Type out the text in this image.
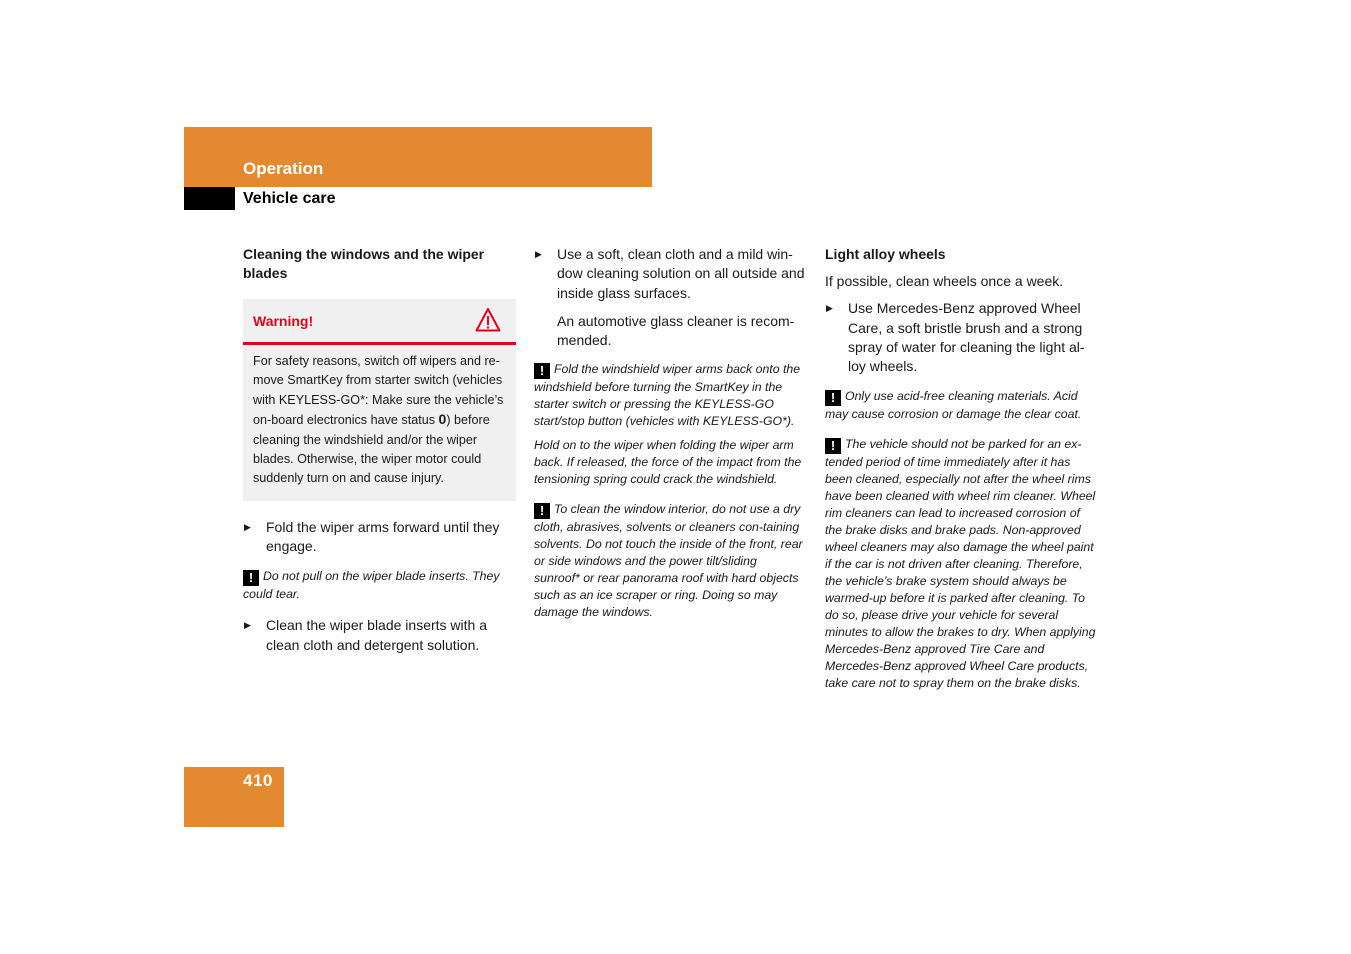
Operation
Vehicle care
Cleaning the windows and the wiper blades
Warning!
For safety reasons, switch off wipers and re-move SmartKey from starter switch (vehicles with KEYLESS-GO*: Make sure the vehicle’s on-board electronics have status 0) before cleaning the windshield and/or the wiper blades. Otherwise, the wiper motor could suddenly turn on and cause injury.
▶ Fold the wiper arms forward until they engage.

! Do not pull on the wiper blade inserts. They could tear.

▶ Clean the wiper blade inserts with a clean cloth and detergent solution.
▶ Use a soft, clean cloth and a mild win-dow cleaning solution on all outside and inside glass surfaces.

An automotive glass cleaner is recom-mended.

! Fold the windshield wiper arms back onto the windshield before turning the SmartKey in the starter switch or pressing the KEYLESS-GO start/stop button (vehicles with KEYLESS-GO*).

Hold on to the wiper when folding the wiper arm back. If released, the force of the impact from the tensioning spring could crack the windshield.

! To clean the window interior, do not use a dry cloth, abrasives, solvents or cleaners con-taining solvents. Do not touch the inside of the front, rear or side windows and the power tilt/sliding sunroof* or rear panorama roof with hard objects such as an ice scraper or ring. Doing so may damage the windows.

Light alloy wheels

If possible, clean wheels once a week.

▶ Use Mercedes-Benz approved Wheel Care, a soft bristle brush and a strong spray of water for cleaning the light al-loy wheels.

! Only use acid-free cleaning materials. Acid may cause corrosion or damage the clear coat.

! The vehicle should not be parked for an ex-tended period of time immediately after it has been cleaned, especially not after the wheel rims have been cleaned with wheel rim cleaner. Wheel rim cleaners can lead to increased corrosion of the brake disks and brake pads. Non-approved wheel cleaners may also damage the wheel paint if the car is not driven after cleaning. Therefore, the vehicle’s brake system should always be warmed-up before it is parked after cleaning. To do so, please drive your vehicle for several minutes to allow the brakes to dry. When applying Mercedes-Benz approved Tire Care and Mercedes-Benz approved Wheel Care products, take care not to spray them on the brake disks.

410
